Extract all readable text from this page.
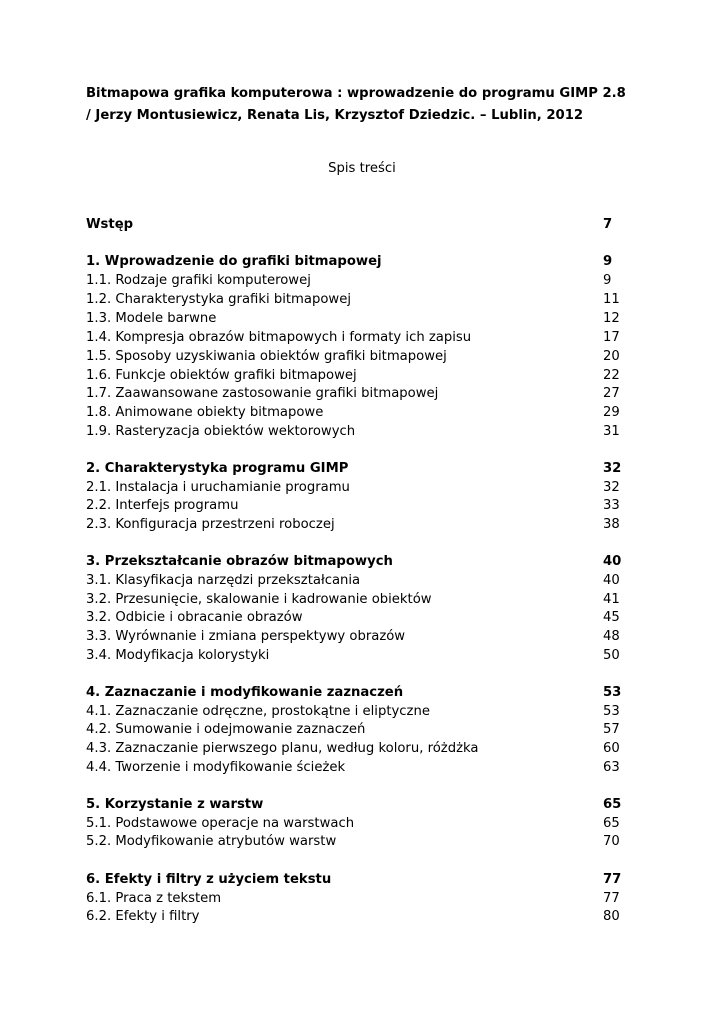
Bitmapowa grafika komputerowa : wprowadzenie do programu GIMP 2.8
/ Jerzy Montusiewicz, Renata Lis, Krzysztof Dziedzic. – Lublin, 2012
Spis treści
Wstęp	7
1. Wprowadzenie do grafiki bitmapowej	9
1.1. Rodzaje grafiki komputerowej	9
1.2. Charakterystyka grafiki bitmapowej	11
1.3. Modele barwne	12
1.4. Kompresja obrazów bitmapowych i formaty ich zapisu	17
1.5. Sposoby uzyskiwania obiektów grafiki bitmapowej	20
1.6. Funkcje obiektów grafiki bitmapowej	22
1.7. Zaawansowane zastosowanie grafiki bitmapowej	27
1.8. Animowane obiekty bitmapowe	29
1.9. Rasteryzacja obiektów wektorowych	31
2. Charakterystyka programu GIMP	32
2.1. Instalacja i uruchamianie programu	32
2.2. Interfejs programu	33
2.3. Konfiguracja przestrzeni roboczej	38
3. Przekształcanie obrazów bitmapowych	40
3.1. Klasyfikacja narzędzi przekształcania	40
3.2. Przesunięcie, skalowanie i kadrowanie obiektów	41
3.2. Odbicie i obracanie obrazów	45
3.3. Wyrównanie i zmiana perspektywy obrazów	48
3.4. Modyfikacja kolorystyki	50
4. Zaznaczanie i modyfikowanie zaznaczeń	53
4.1. Zaznaczanie odręczne, prostokątne i eliptyczne	53
4.2. Sumowanie i odejmowanie zaznaczeń	57
4.3. Zaznaczanie pierwszego planu, według koloru, różdżka	60
4.4. Tworzenie i modyfikowanie ścieżek	63
5. Korzystanie z warstw	65
5.1. Podstawowe operacje na warstwach	65
5.2. Modyfikowanie atrybutów warstw	70
6. Efekty i filtry z użyciem tekstu	77
6.1. Praca z tekstem	77
6.2. Efekty i filtry	80
